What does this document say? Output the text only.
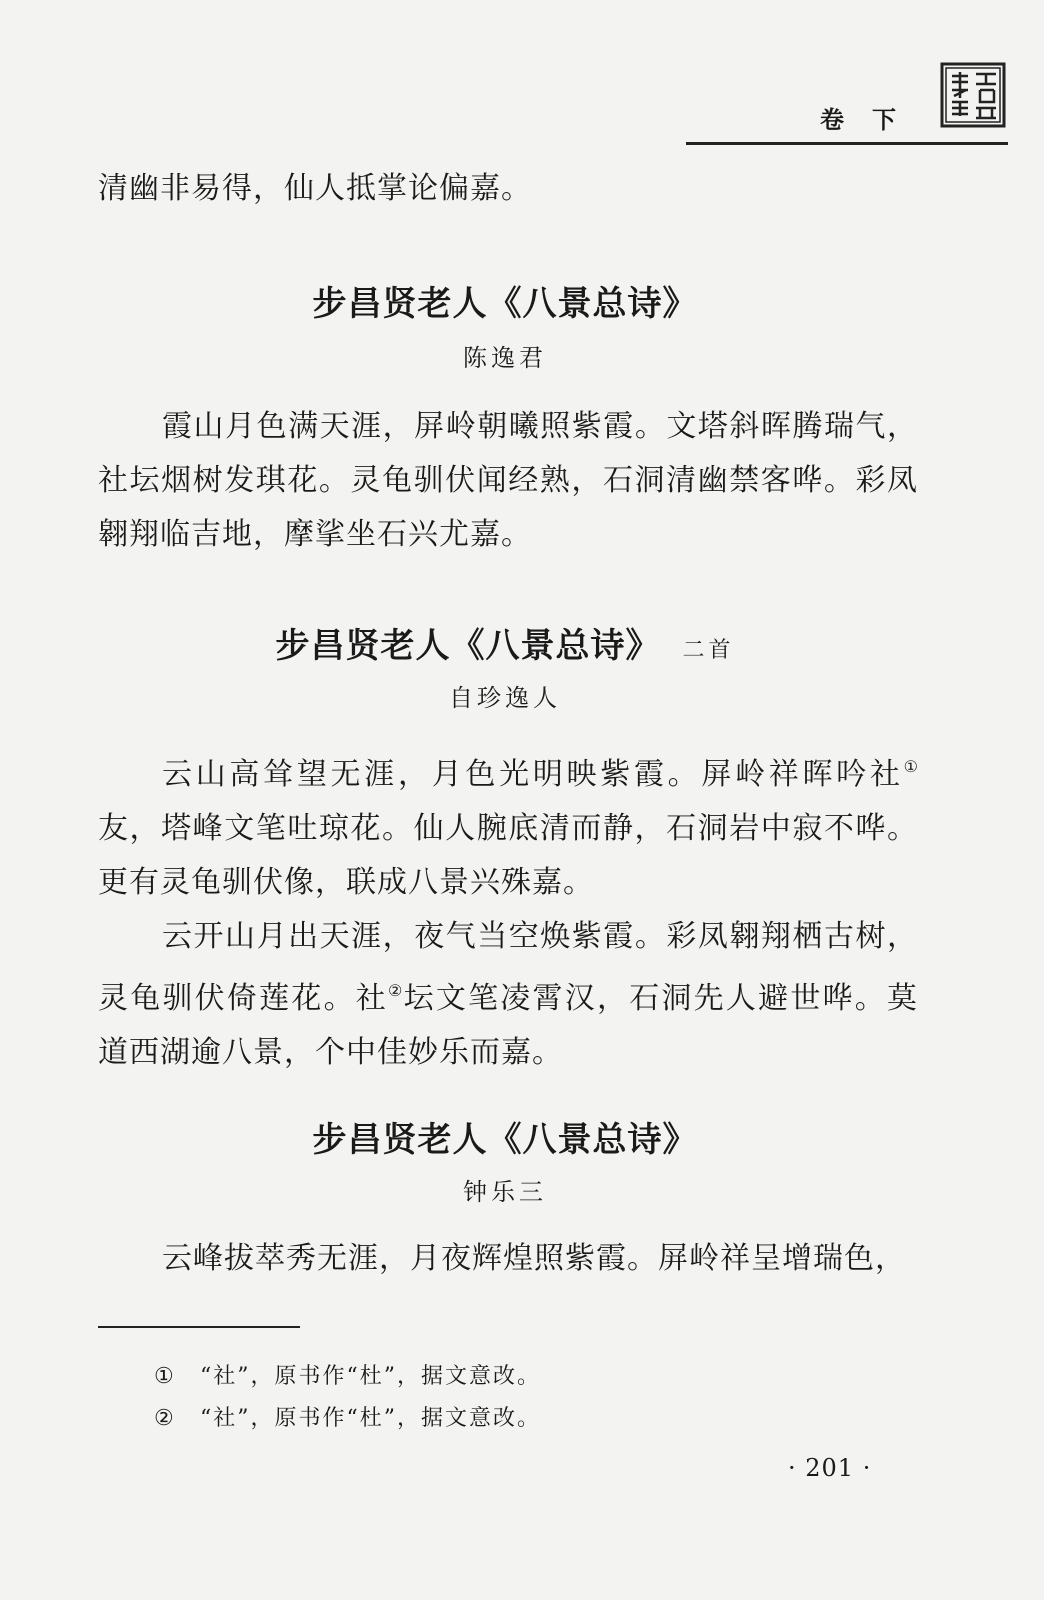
卷下

清幽非易得，仙人抵掌论偏嘉。

步昌贤老人《八景总诗》
陈逸君

霞山月色满天涯，屏岭朝曦照紫霞。文塔斜晖腾瑞气，社坛烟树发琪花。灵龟驯伏闻经熟，石洞清幽禁客哗。彩凤翱翔临吉地，摩挲坐石兴尤嘉。

步昌贤老人《八景总诗》 二首
自珍逸人

云山高耸望无涯，月色光明映紫霞。屏岭祥晖吟社①友，塔峰文笔吐琼花。仙人腕底清而静，石洞岩中寂不哗。更有灵龟驯伏像，联成八景兴殊嘉。

云开山月出天涯，夜气当空焕紫霞。彩凤翱翔栖古树，灵龟驯伏倚莲花。社②坛文笔凌霄汉，石洞先人避世哗。莫道西湖逾八景，个中佳妙乐而嘉。

步昌贤老人《八景总诗》
钟乐三

云峰拔萃秀无涯，月夜辉煌照紫霞。屏岭祥呈增瑞色，

① “社”，原书作“杜”，据文意改。
② “社”，原书作“杜”，据文意改。
· 201 ·
